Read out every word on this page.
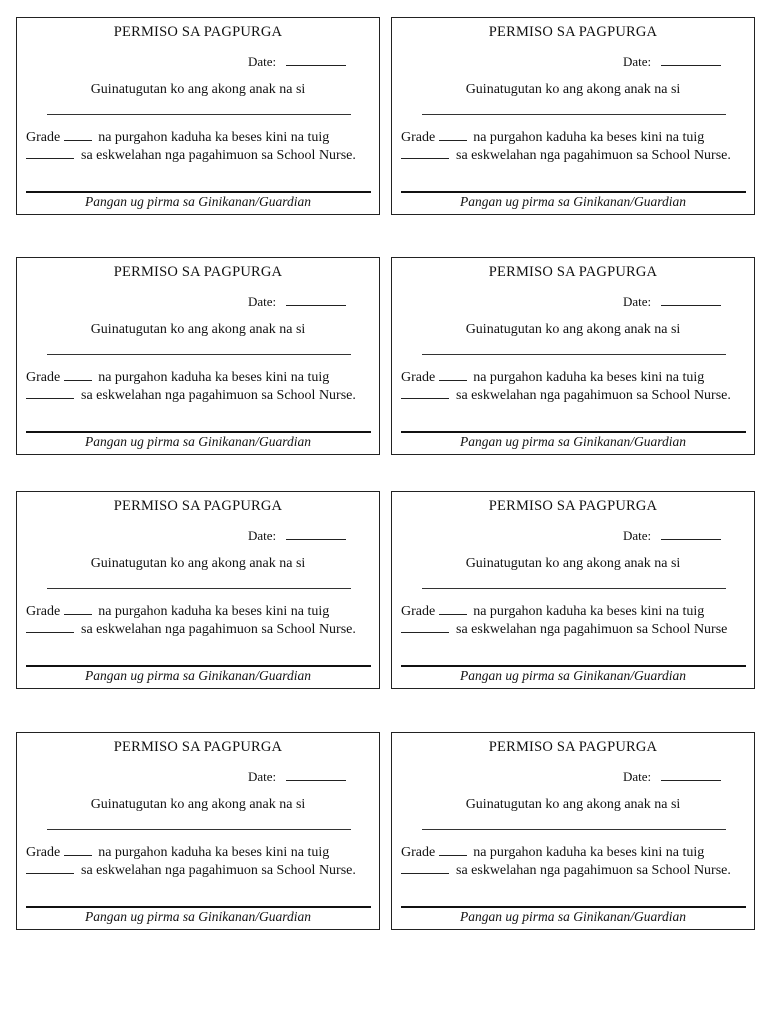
PERMISO SA PAGPURGA
Date:
Guinatugutan ko ang akong anak na si
Grade	na purgahon kaduha ka beses kini na tuig
sa eskwelahan nga pagahimuon sa School Nurse.
Pangan ug pirma sa Ginikanan/Guardian
PERMISO SA PAGPURGA
Date:
Guinatugutan ko ang akong anak na si
Grade	na purgahon kaduha ka beses kini na tuig
sa eskwelahan nga pagahimuon sa School Nurse.
Pangan ug pirma sa Ginikanan/Guardian
PERMISO SA PAGPURGA
Date:
Guinatugutan ko ang akong anak na si
Grade	na purgahon kaduha ka beses kini na tuig
sa eskwelahan nga pagahimuon sa School Nurse.
Pangan ug pirma sa Ginikanan/Guardian
PERMISO SA PAGPURGA
Date:
Guinatugutan ko ang akong anak na si
Grade	na purgahon kaduha ka beses kini na tuig
sa eskwelahan nga pagahimuon sa School Nurse.
Pangan ug pirma sa Ginikanan/Guardian
PERMISO SA PAGPURGA
Date:
Guinatugutan ko ang akong anak na si
Grade	na purgahon kaduha ka beses kini na tuig
sa eskwelahan nga pagahimuon sa School Nurse.
Pangan ug pirma sa Ginikanan/Guardian
PERMISO SA PAGPURGA
Date:
Guinatugutan ko ang akong anak na si
Grade	na purgahon kaduha ka beses kini na tuig
sa eskwelahan nga pagahimuon sa School Nurse
Pangan ug pirma sa Ginikanan/Guardian
PERMISO SA PAGPURGA
Date:
Guinatugutan ko ang akong anak na si
Grade	na purgahon kaduha ka beses kini na tuig
sa eskwelahan nga pagahimuon sa School Nurse.
Pangan ug pirma sa Ginikanan/Guardian
PERMISO SA PAGPURGA
Date:
Guinatugutan ko ang akong anak na si
Grade	na purgahon kaduha ka beses kini na tuig
sa eskwelahan nga pagahimuon sa School Nurse.
Pangan ug pirma sa Ginikanan/Guardian
